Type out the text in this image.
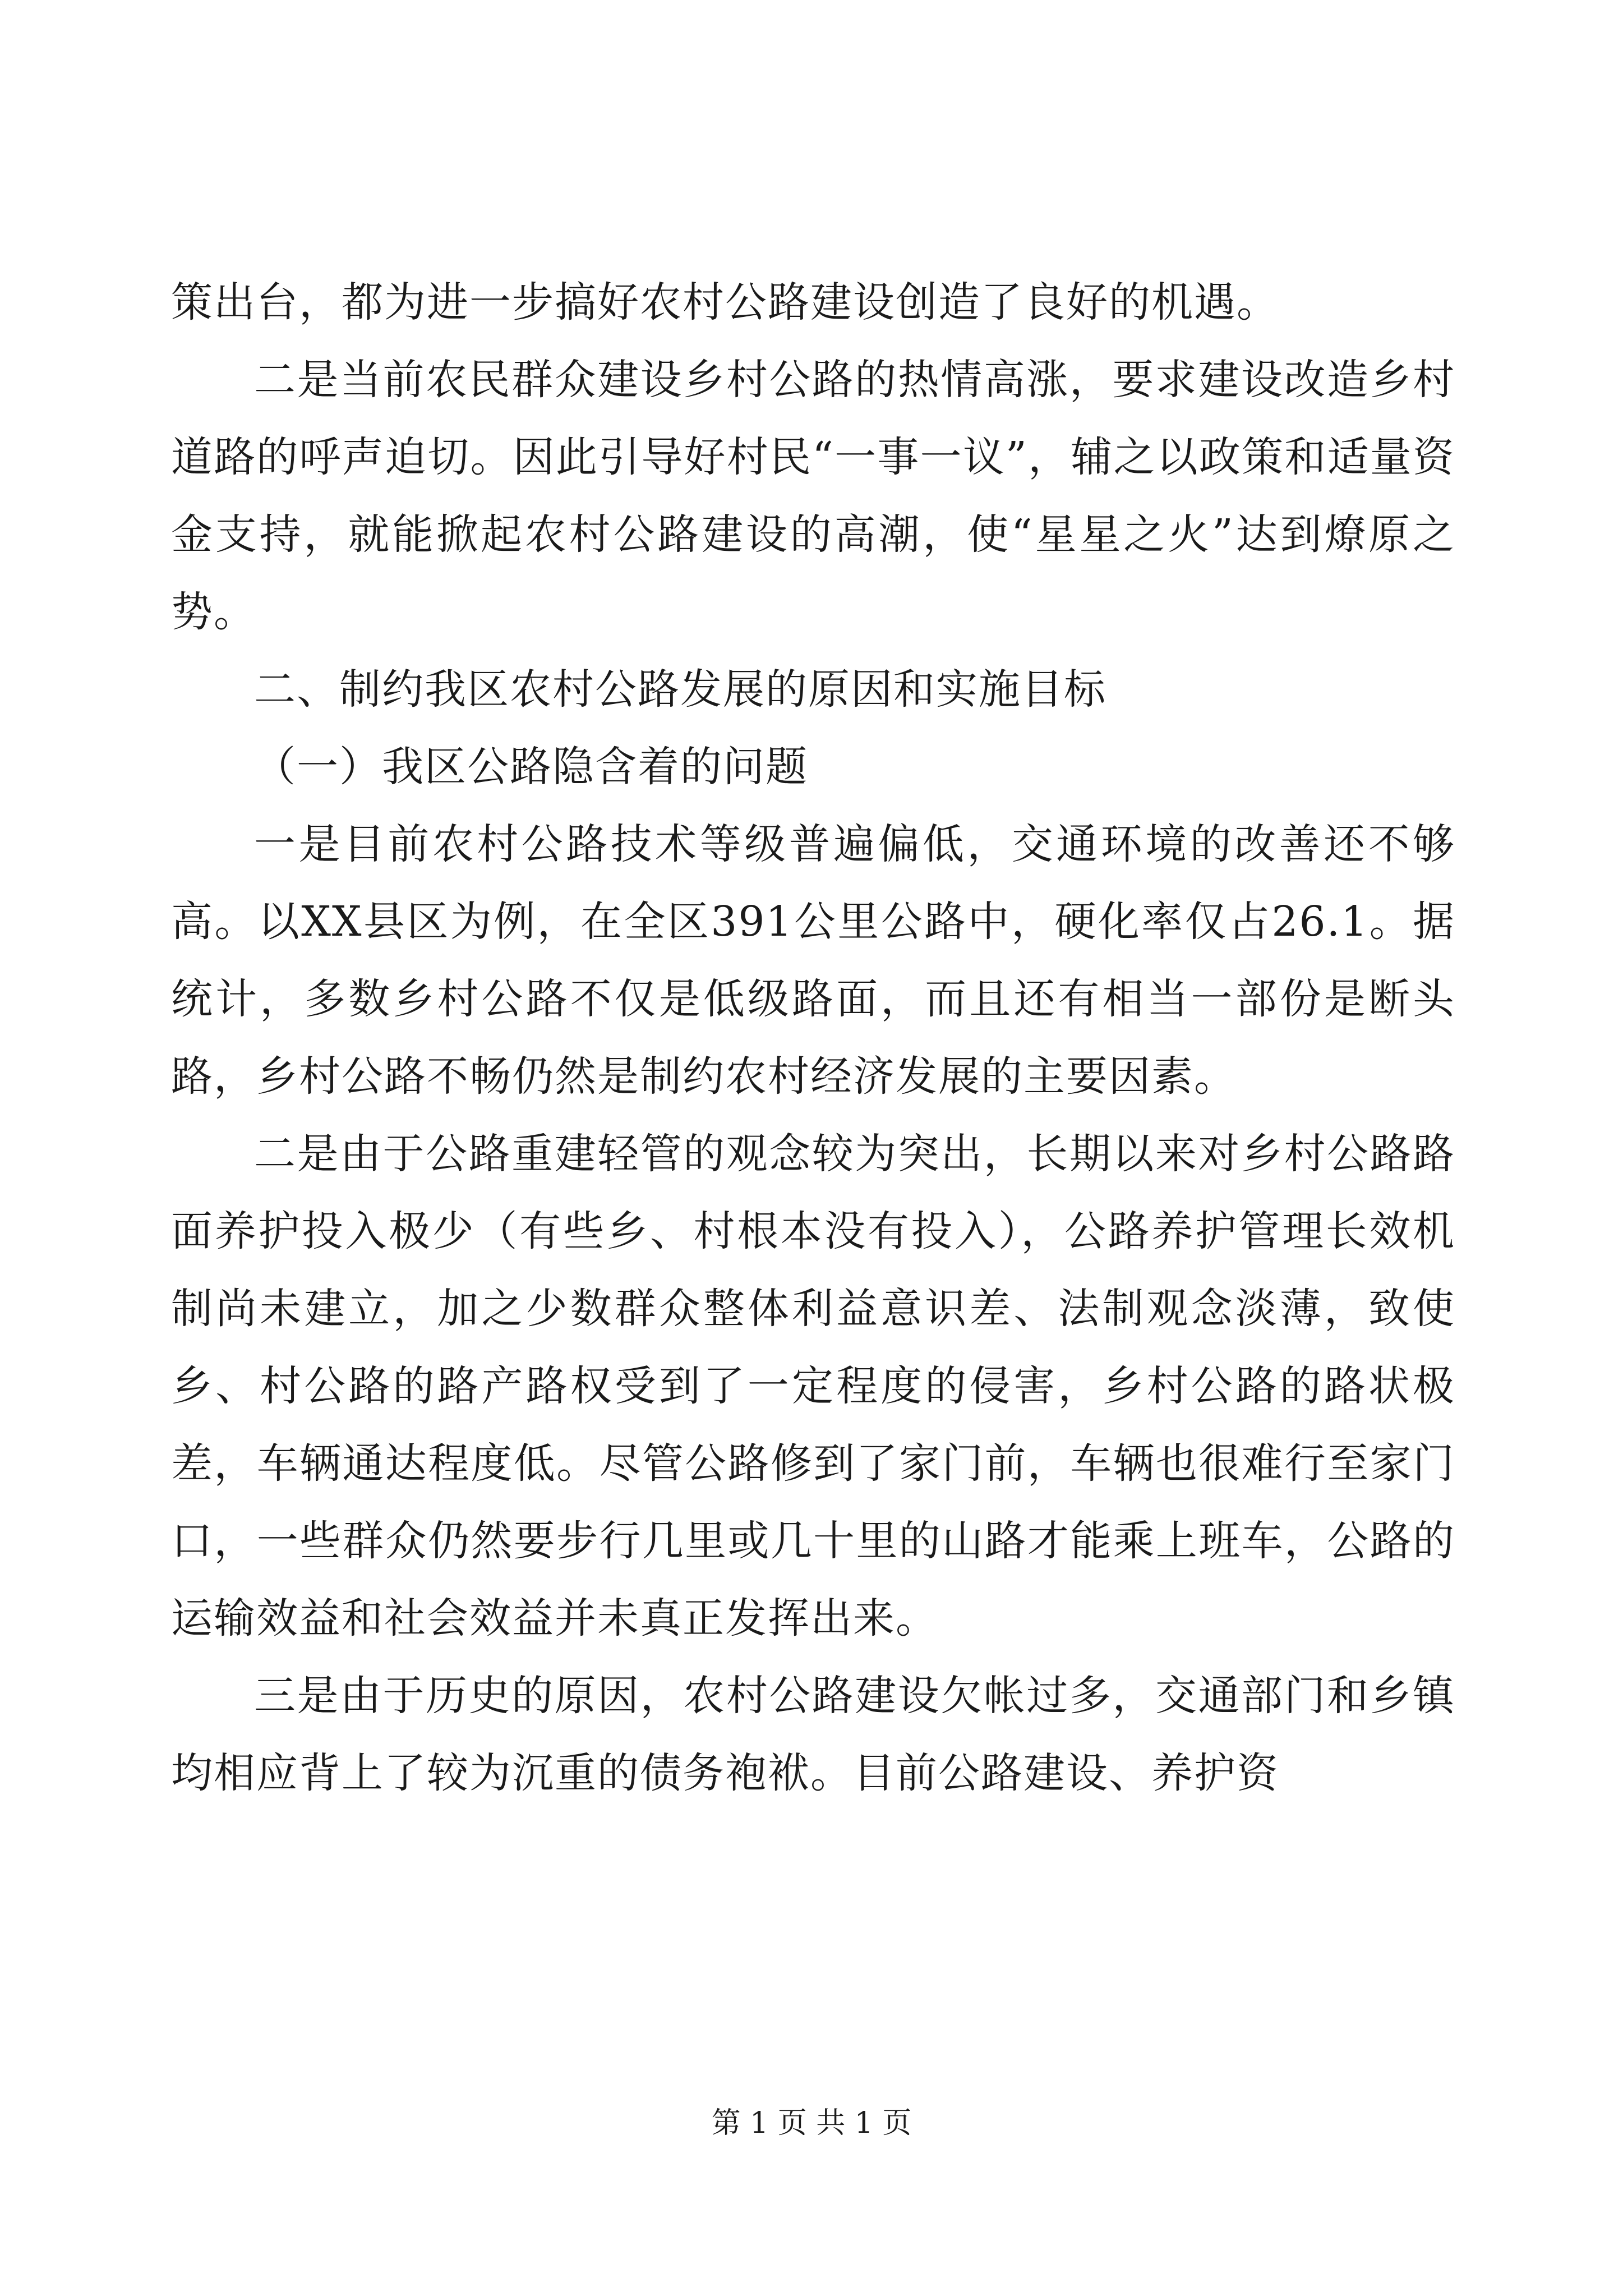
策出台，都为进一步搞好农村公路建设创造了良好的机遇。

二是当前农民群众建设乡村公路的热情高涨，要求建设改造乡村道路的呼声迫切。因此引导好村民“一事一议”，辅之以政策和适量资金支持，就能掀起农村公路建设的高潮，使“星星之火”达到燎原之势。

二、制约我区农村公路发展的原因和实施目标

（一）我区公路隐含着的问题

一是目前农村公路技术等级普遍偏低，交通环境的改善还不够高。以XX县区为例，在全区391公里公路中，硬化率仅占26.1。据统计，多数乡村公路不仅是低级路面，而且还有相当一部份是断头路，乡村公路不畅仍然是制约农村经济发展的主要因素。

二是由于公路重建轻管的观念较为突出，长期以来对乡村公路路面养护投入极少（有些乡、村根本没有投入），公路养护管理长效机制尚未建立，加之少数群众整体利益意识差、法制观念淡薄，致使乡、村公路的路产路权受到了一定程度的侵害，乡村公路的路状极差，车辆通达程度低。尽管公路修到了家门前，车辆也很难行至家门口，一些群众仍然要步行几里或几十里的山路才能乘上班车，公路的运输效益和社会效益并未真正发挥出来。

三是由于历史的原因，农村公路建设欠帐过多，交通部门和乡镇均相应背上了较为沉重的债务袍袱。目前公路建设、养护资

第 1 页 共 1 页
